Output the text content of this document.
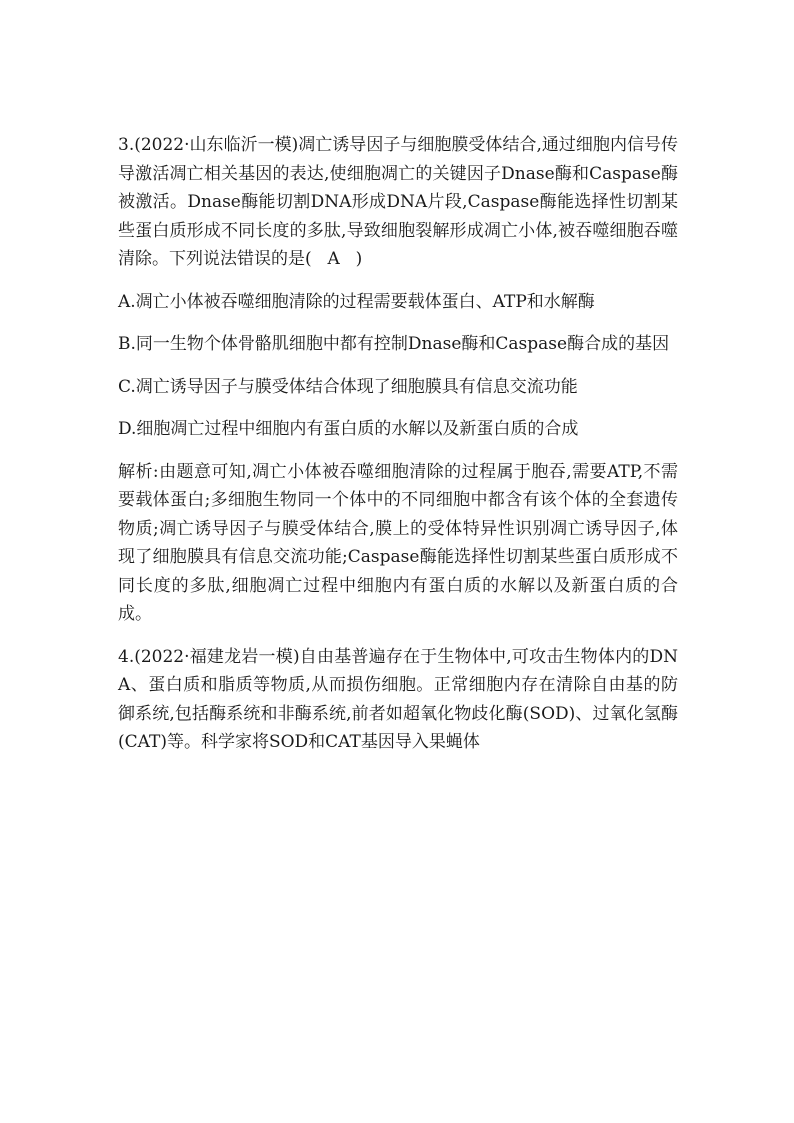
3.(2022·山东临沂一模)凋亡诱导因子与细胞膜受体结合,通过细胞内信号传导激活凋亡相关基因的表达,使细胞凋亡的关键因子Dnase酶和Caspase酶被激活。Dnase酶能切割DNA形成DNA片段,Caspase酶能选择性切割某些蛋白质形成不同长度的多肽,导致细胞裂解形成凋亡小体,被吞噬细胞吞噬清除。下列说法错误的是( A )

A.凋亡小体被吞噬细胞清除的过程需要载体蛋白、ATP和水解酶

B.同一生物个体骨骼肌细胞中都有控制Dnase酶和Caspase酶合成的基因

C.凋亡诱导因子与膜受体结合体现了细胞膜具有信息交流功能

D.细胞凋亡过程中细胞内有蛋白质的水解以及新蛋白质的合成

解析:由题意可知,凋亡小体被吞噬细胞清除的过程属于胞吞,需要ATP,不需要载体蛋白;多细胞生物同一个体中的不同细胞中都含有该个体的全套遗传物质;凋亡诱导因子与膜受体结合,膜上的受体特异性识别凋亡诱导因子,体现了细胞膜具有信息交流功能;Caspase酶能选择性切割某些蛋白质形成不同长度的多肽,细胞凋亡过程中细胞内有蛋白质的水解以及新蛋白质的合成。

4.(2022·福建龙岩一模)自由基普遍存在于生物体中,可攻击生物体内的DNA、蛋白质和脂质等物质,从而损伤细胞。正常细胞内存在清除自由基的防御系统,包括酶系统和非酶系统,前者如超氧化物歧化酶(SOD)、过氧化氢酶(CAT)等。科学家将SOD和CAT基因导入果蝇体
